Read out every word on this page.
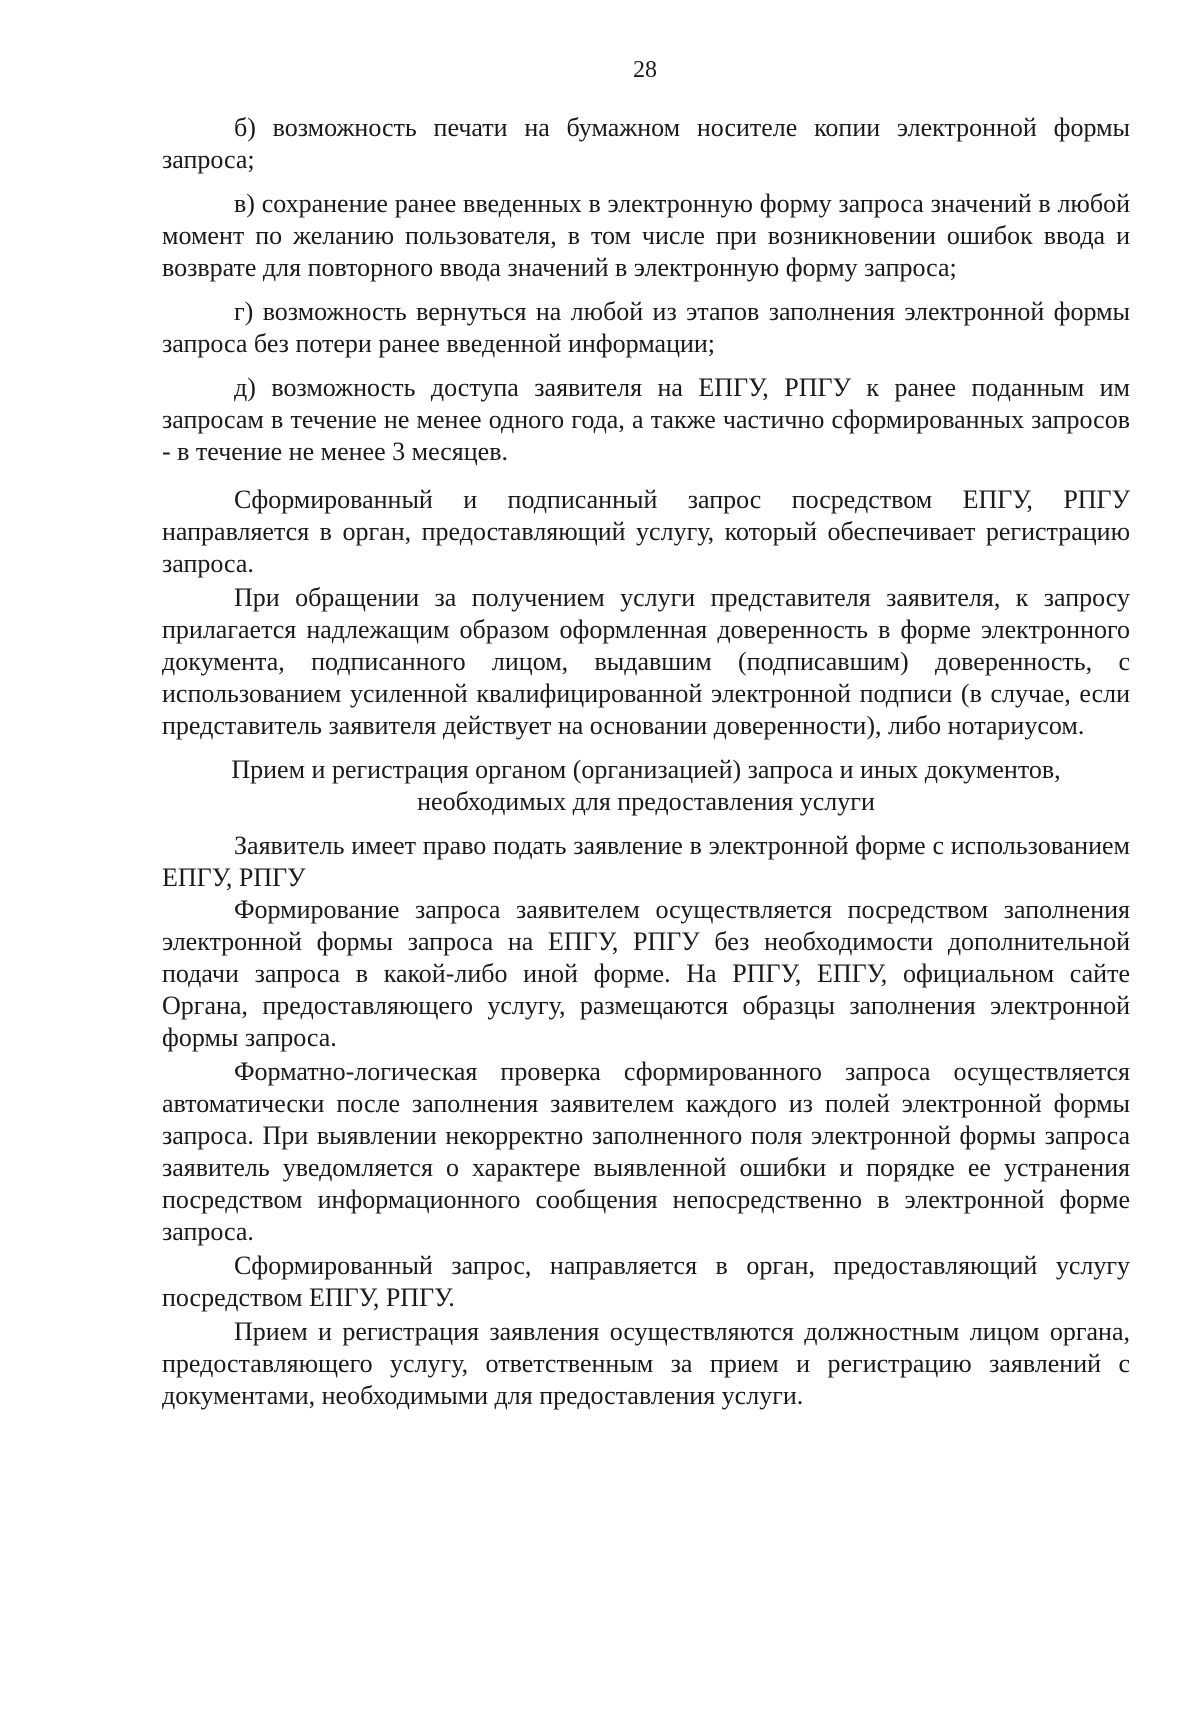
28

б) возможность печати на бумажном носителе копии электронной формы запроса;

в) сохранение ранее введенных в электронную форму запроса значений в любой момент по желанию пользователя, в том числе при возникновении ошибок ввода и возврате для повторного ввода значений в электронную форму запроса;

г) возможность вернуться на любой из этапов заполнения электронной формы запроса без потери ранее введенной информации;

д) возможность доступа заявителя на ЕПГУ, РПГУ к ранее поданным им запросам в течение не менее одного года, а также частично сформированных запросов - в течение не менее 3 месяцев.

Сформированный и подписанный запрос посредством ЕПГУ, РПГУ направляется в орган, предоставляющий услугу, который обеспечивает регистрацию запроса.

При обращении за получением услуги представителя заявителя, к запросу прилагается надлежащим образом оформленная доверенность в форме электронного документа, подписанного лицом, выдавшим (подписавшим) доверенность, с использованием усиленной квалифицированной электронной подписи (в случае, если представитель заявителя действует на основании доверенности), либо нотариусом.

Прием и регистрация органом (организацией) запроса и иных документов,
необходимых для предоставления услуги

Заявитель имеет право подать заявление в электронной форме с использованием ЕПГУ, РПГУ

Формирование запроса заявителем осуществляется посредством заполнения электронной формы запроса на ЕПГУ, РПГУ без необходимости дополнительной подачи запроса в какой-либо иной форме. На РПГУ, ЕПГУ, официальном сайте Органа, предоставляющего услугу, размещаются образцы заполнения электронной формы запроса.

Форматно-логическая проверка сформированного запроса осуществляется автоматически после заполнения заявителем каждого из полей электронной формы запроса. При выявлении некорректно заполненного поля электронной формы запроса заявитель уведомляется о характере выявленной ошибки и порядке ее устранения посредством информационного сообщения непосредственно в электронной форме запроса.

Сформированный запрос, направляется в орган, предоставляющий услугу посредством ЕПГУ, РПГУ.

Прием и регистрация заявления осуществляются должностным лицом органа, предоставляющего услугу, ответственным за прием и регистрацию заявлений с документами, необходимыми для предоставления услуги.
